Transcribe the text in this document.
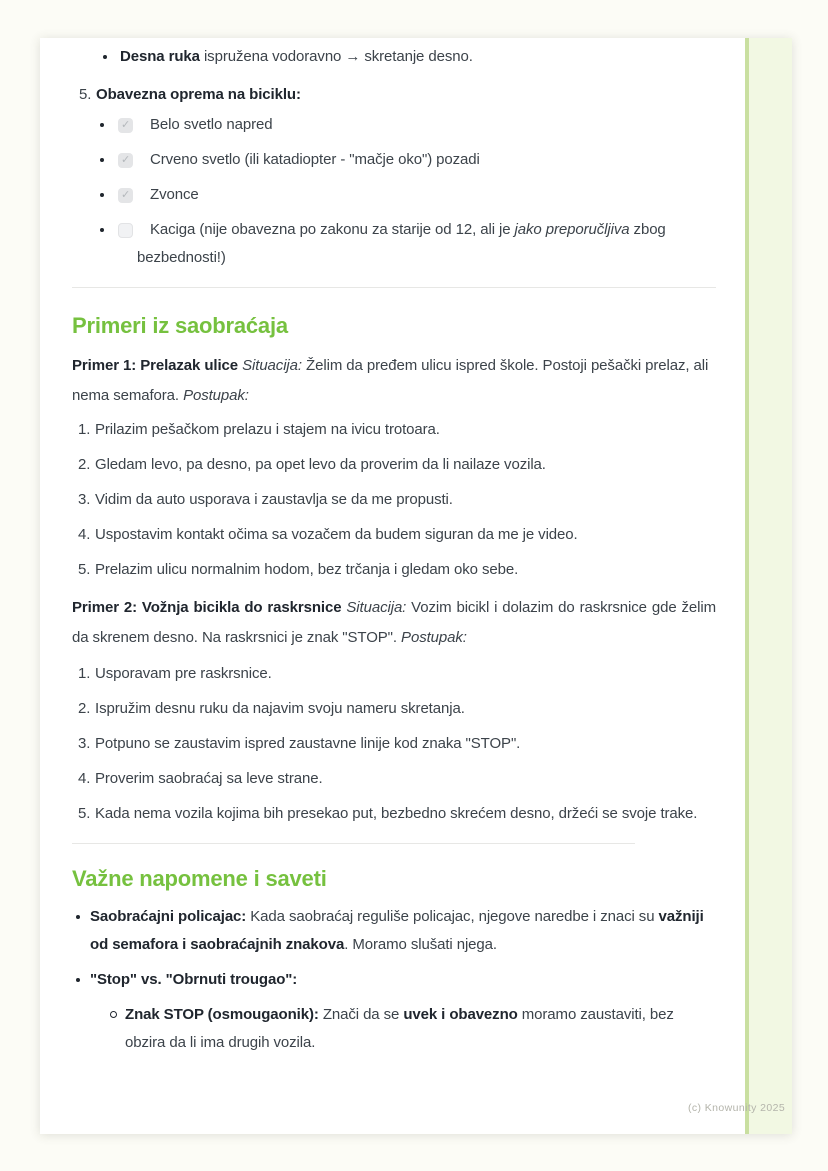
Desna ruka ispružena vodoravno → skretanje desno.
5. Obavezna oprema na biciklu:
✓	Belo svetlo napred
✓	Crveno svetlo (ili katadiopter - "mačje oko") pozadi
✓	Zvonce
Kaciga (nije obavezna po zakonu za starije od 12, ali je jako preporučljiva zbog bezbednosti!)
Primeri iz saobraćaja

Primer 1: Prelazak ulice Situacija: Želim da pređem ulicu ispred škole. Postoji pešački prelaz, ali nema semafora. Postupak:

1. Prilazim pešačkom prelazu i stajem na ivicu trotoara.
2. Gledam levo, pa desno, pa opet levo da proverim da li nailaze vozila.
3. Vidim da auto usporava i zaustavlja se da me propusti.
4. Uspostavim kontakt očima sa vozačem da budem siguran da me je video.
5. Prelazim ulicu normalnim hodom, bez trčanja i gledam oko sebe.

Primer 2: Vožnja bicikla do raskrsnice Situacija: Vozim bicikl i dolazim do raskrsnice gde želim da skrenem desno. Na raskrsnici je znak "STOP". Postupak:

1. Usporavam pre raskrsnice.
2. Ispružim desnu ruku da najavim svoju nameru skretanja.
3. Potpuno se zaustavim ispred zaustavne linije kod znaka "STOP".
4. Proverim saobraćaj sa leve strane.
5. Kada nema vozila kojima bih presekao put, bezbedno skrećem desno, držeći se svoje trake.
Važne napomene i saveti
Saobraćajni policajac: Kada saobraćaj reguliše policajac, njegove naredbe i znaci su važniji od semafora i saobraćajnih znakova. Moramo slušati njega.
"Stop" vs. "Obrnuti trougao":
Znak STOP (osmougaonik): Znači da se uvek i obavezno moramo zaustaviti, bez obzira da li ima drugih vozila.
(c) Knowunity 2025
